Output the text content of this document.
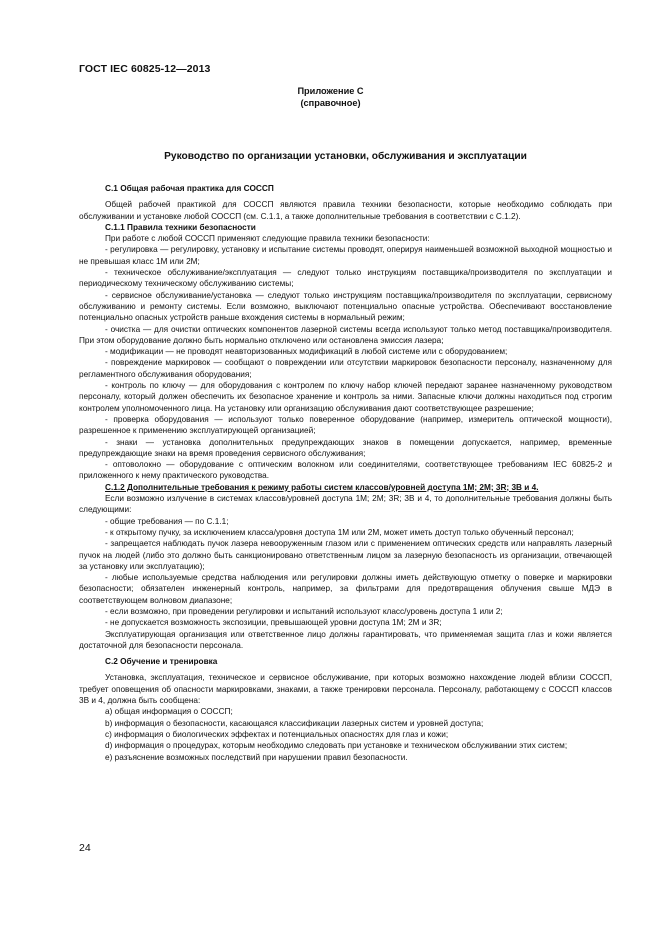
ГОСТ IEC 60825-12—2013
Приложение С
(справочное)
Руководство по организации установки, обслуживания и эксплуатации

С.1 Общая рабочая практика для СОССП

Общей рабочей практикой для СОССП являются правила техники безопасности, которые необходимо соблюдать при обслуживании и установке любой СОССП (см. С.1.1, а также дополнительные требования в соответствии с С.1.2).

С.1.1 Правила техники безопасности

При работе с любой СОССП применяют следующие правила техники безопасности:

- регулировка — регулировку, установку и испытание системы проводят, оперируя наименьшей возможной выходной мощностью и не превышая класс 1М или 2М;

- техническое обслуживание/эксплуатация — следуют только инструкциям поставщика/производителя по эксплуатации и периодическому техническому обслуживанию системы;

- сервисное обслуживание/установка — следуют только инструкциям поставщика/производителя по эксплуатации, сервисному обслуживанию и ремонту системы. Если возможно, выключают потенциально опасные устройства. Обеспечивают восстановление потенциально опасных устройств раньше вхождения системы в нормальный режим;

- очистка — для очистки оптических компонентов лазерной системы всегда используют только метод поставщика/производителя. При этом оборудование должно быть нормально отключено или остановлена эмиссия лазера;

- модификации — не проводят неавторизованных модификаций в любой системе или с оборудованием;

- повреждение маркировок — сообщают о повреждении или отсутствии маркировок безопасности персоналу, назначенному для регламентного обслуживания оборудования;

- контроль по ключу — для оборудования с контролем по ключу набор ключей передают заранее назначенному руководством персоналу, который должен обеспечить их безопасное хранение и контроль за ними. Запасные ключи должны находиться под строгим контролем уполномоченного лица. На установку или организацию обслуживания дают соответствующее разрешение;

- проверка оборудования — используют только поверенное оборудование (например, измеритель оптической мощности), разрешенное к применению эксплуатирующей организацией;

- знаки — установка дополнительных предупреждающих знаков в помещении допускается, например, временные предупреждающие знаки на время проведения сервисного обслуживания;

- оптоволокно — оборудование с оптическим волокном или соединителями, соответствующее требованиям IEC 60825-2 и приложенного к нему практического руководства.

С.1.2 Дополнительные требования к режиму работы систем классов/уровней доступа 1М; 2М; 3R; 3В и 4.

Если возможно излучение в системах классов/уровней доступа 1М; 2М; 3R; 3В и 4, то дополнительные требования должны быть следующими:

- общие требования — по С.1.1;

- к открытому пучку, за исключением класса/уровня доступа 1М или 2М, может иметь доступ только обученный персонал;

- запрещается наблюдать пучок лазера невооруженным глазом или с применением оптических средств или направлять лазерный пучок на людей (либо это должно быть санкционировано ответственным лицом за лазерную безопасность из организации, отвечающей за установку или эксплуатацию);

- любые используемые средства наблюдения или регулировки должны иметь действующую отметку о поверке и маркировки безопасности; обязателен инженерный контроль, например, за фильтрами для предотвращения облучения свыше МДЭ в соответствующем волновом диапазоне;

- если возможно, при проведении регулировки и испытаний используют класс/уровень доступа 1 или 2;

- не допускается возможность экспозиции, превышающей уровни доступа 1М; 2М и 3R;

Эксплуатирующая организация или ответственное лицо должны гарантировать, что применяемая защита глаз и кожи является достаточной для безопасности персонала.

С.2 Обучение и тренировка

Установка, эксплуатация, техническое и сервисное обслуживание, при которых возможно нахождение людей вблизи СОССП, требует оповещения об опасности маркировками, знаками, а также тренировки персонала. Персоналу, работающему с СОССП классов 3В и 4, должна быть сообщена:

а) общая информация о СОССП;

b) информация о безопасности, касающаяся классификации лазерных систем и уровней доступа;

с) информация о биологических эффектах и потенциальных опасностях для глаз и кожи;

d) информация о процедурах, которым необходимо следовать при установке и техническом обслуживании этих систем;

е) разъяснение возможных последствий при нарушении правил безопасности.

24
